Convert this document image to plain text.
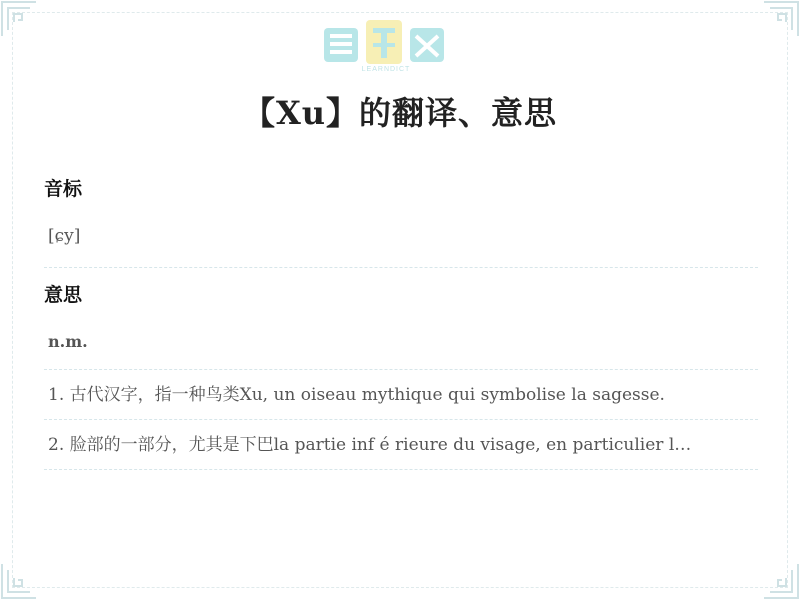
LEARNDICT
【Xu】的翻译、意思
音标
[ɕy]
意思
n.m.
1. 古代汉字，指一种鸟类Xu, un oiseau mythique qui symbolise la sagesse.
2. 脸部的一部分，尤其是下巴la partie inf é rieure du visage, en particulier l…
